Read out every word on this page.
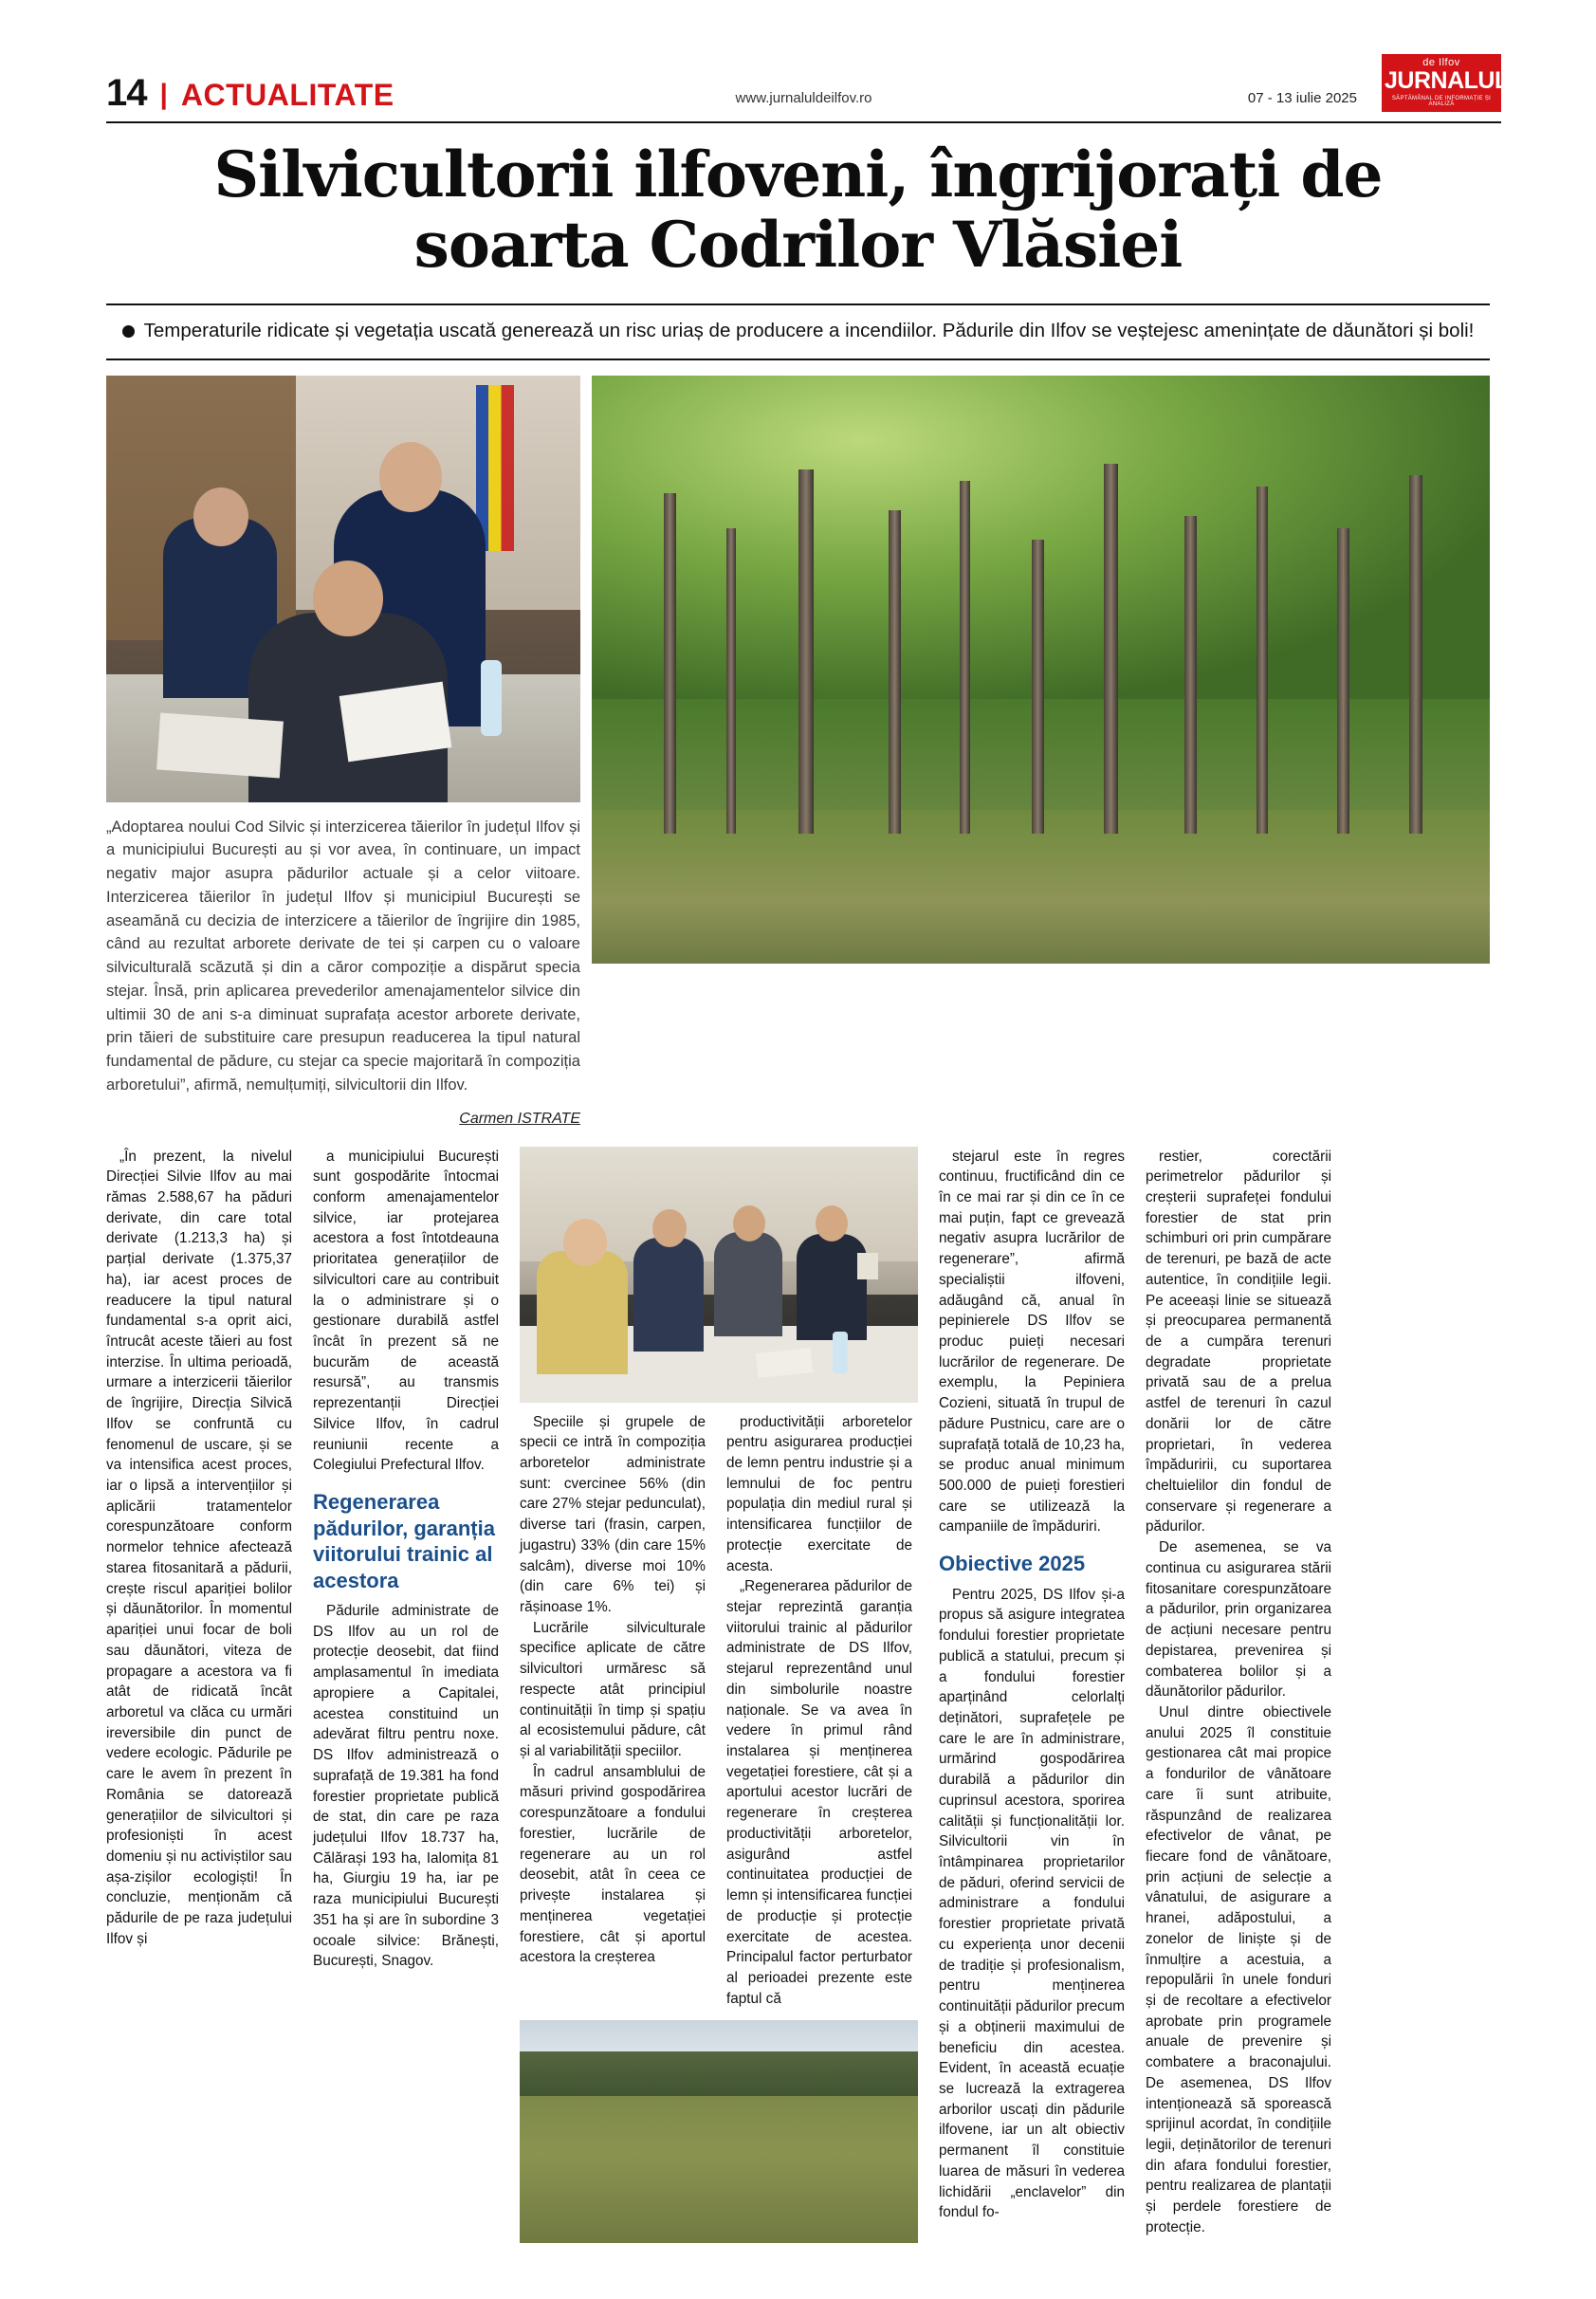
14 | ACTUALITATE	www.jurnaluldeilfov.ro	07 - 13 iulie 2025
de Ilfov
JURNALUL
SĂPTĂMÂNAL DE INFORMAȚIE ȘI ANALIZĂ
Silvicultorii ilfoveni, îngrijorați de soarta Codrilor Vlăsiei
Temperaturile ridicate și vegetația uscată generează un risc uriaș de producere a incendiilor. Pădurile din Ilfov se veștejesc amenințate de dăunători și boli!
„Adoptarea noului Cod Silvic și interzicerea tăierilor în județul Ilfov și a municipiului București au și vor avea, în continuare, un impact negativ major asupra pădurilor actuale și a celor viitoare. Interzicerea tăierilor în județul Ilfov și municipiul București se aseamănă cu decizia de interzicere a tăierilor de îngrijire din 1985, când au rezultat arborete derivate de tei și carpen cu o valoare silviculturală scăzută și din a căror compoziție a dispărut specia stejar. Însă, prin aplicarea prevederilor amenajamentelor silvice din ultimii 30 de ani s-a diminuat suprafața acestor arborete derivate, prin tăieri de substituire care presupun readucerea la tipul natural fundamental de pădure, cu stejar ca specie majoritară în compoziția arboretului”, afirmă, nemulțumiți, silvicultorii din Ilfov.
Carmen ISTRATE

„În prezent, la nivelul Direcției Silvie Ilfov au mai rămas 2.588,67 ha păduri derivate, din care total derivate (1.213,3 ha) și parțial derivate (1.375,37 ha), iar acest proces de readucere la tipul natural fundamental s-a oprit aici, întrucât aceste tăieri au fost interzise. În ultima perioadă, urmare a interzicerii tăierilor de îngrijire, Direcția Silvică Ilfov se confruntă cu fenomenul de uscare, și se va intensifica acest proces, iar o lipsă a intervențiilor și aplicării tratamentelor corespunzătoare conform normelor tehnice afectează starea fitosanitară a pădurii, crește riscul apariției bolilor și dăunătorilor. În momentul apariției unui focar de boli sau dăunători, viteza de propagare a acestora va fi atât de ridicată încât arboretul va clăca cu urmări ireversibile din punct de vedere ecologic. Pădurile pe care le avem în prezent în România se datorează generațiilor de silvicultori și profesioniști în acest domeniu și nu activiștilor sau așa-zișilor ecologiști! În concluzie, menționăm că pădurile de pe raza județului Ilfov și

a municipiului București sunt gospodărite întocmai conform amenajamentelor silvice, iar protejarea acestora a fost întotdeauna prioritatea generațiilor de silvicultori care au contribuit la o administrare și o gestionare durabilă astfel încât în prezent să ne bucurăm de această resursă”, au transmis reprezentanții Direcției Silvice Ilfov, în cadrul reuniunii recente a Colegiului Prefectural Ilfov.

Regenerarea pădurilor, garanția viitorului trainic al acestora

Pădurile administrate de DS Ilfov au un rol de protecție deosebit, dat fiind amplasamentul în imediata apropiere a Capitalei, acestea constituind un adevărat filtru pentru noxe. DS Ilfov administrează o suprafață de 19.381 ha fond forestier proprietate publică de stat, din care pe raza județului Ilfov 18.737 ha, Călărași 193 ha, Ialomița 81 ha, Giurgiu 19 ha, iar pe raza municipiului București 351 ha și are în subordine 3 ocoale silvice: Brănești, București, Snagov.

Speciile și grupele de specii ce intră în compoziția arboretelor administrate sunt: cvercinee 56% (din care 27% stejar pedunculat), diverse tari (frasin, carpen, jugastru) 33% (din care 15% salcâm), diverse moi 10% (din care 6% tei) și rășinoase 1%.

Lucrările silviculturale specifice aplicate de către silvicultori urmăresc să respecte atât principiul continuității în timp și spațiu al ecosistemului pădure, cât și al variabilității speciilor.

În cadrul ansamblului de măsuri privind gospodărirea corespunzătoare a fondului forestier, lucrările de regenerare au un rol deosebit, atât în ceea ce privește instalarea și menținerea vegetației forestiere, cât și aportul acestora la creșterea

productivității arboretelor pentru asigurarea producției de lemn pentru industrie și a lemnului de foc pentru populația din mediul rural și intensificarea funcțiilor de protecție exercitate de acesta.

„Regenerarea pădurilor de stejar reprezintă garanția viitorului trainic al pădurilor administrate de DS Ilfov, stejarul reprezentând unul din simbolurile noastre naționale. Se va avea în vedere în primul rând instalarea și menținerea vegetației forestiere, cât și a aportului acestor lucrări de regenerare în creșterea productivității arboretelor, asigurând astfel continuitatea producției de lemn și intensificarea funcției de producție și protecție exercitate de acestea. Principalul factor perturbator al perioadei prezente este faptul că

stejarul este în regres continuu, fructificând din ce în ce mai rar și din ce în ce mai puțin, fapt ce grevează negativ asupra lucrărilor de regenerare”, afirmă specialiștii ilfoveni, adăugând că, anual în pepinierele DS Ilfov se produc puieți necesari lucrărilor de regenerare. De exemplu, la Pepiniera Cozieni, situată în trupul de pădure Pustnicu, care are o suprafață totală de 10,23 ha, se produc anual minimum 500.000 de puieți forestieri care se utilizează la campaniile de împăduriri.

Obiective 2025

Pentru 2025, DS Ilfov și-a propus să asigure integratea fondului forestier proprietate publică a statului, precum și a fondului forestier aparținând celorlalți deținători, suprafețele pe care le are în administrare, urmărind gospodărirea durabilă a pădurilor din cuprinsul acestora, sporirea calității și funcționalității lor. Silvicultorii vin în întâmpinarea proprietarilor de păduri, oferind servicii de administrare a fondului forestier proprietate privată cu experiența unor decenii de tradiție și profesionalism, pentru menținerea continuității pădurilor precum și a obținerii maximului de beneficiu din acestea. Evident, în această ecuație se lucrează la extragerea arborilor uscați din pădurile ilfovene, iar un alt obiectiv permanent îl constituie luarea de măsuri în vederea lichidării „enclavelor” din fondul fo-

restier, corectării perimetrelor pădurilor și creșterii suprafeței fondului forestier de stat prin schimburi ori prin cumpărare de terenuri, pe bază de acte autentice, în condițiile legii. Pe aceeași linie se situează și preocuparea permanentă de a cumpăra terenuri degradate proprietate privată sau de a prelua astfel de terenuri în cazul donării lor de către proprietari, în vederea împăduririi, cu suportarea cheltuielilor din fondul de conservare și regenerare a pădurilor.

De asemenea, se va continua cu asigurarea stării fitosanitare corespunzătoare a pădurilor, prin organizarea de acțiuni necesare pentru depistarea, prevenirea și combaterea bolilor și a dăunătorilor pădurilor.

Unul dintre obiectivele anului 2025 îl constituie gestionarea cât mai propice a fondurilor de vânătoare care îi sunt atribuite, răspunzând de realizarea efectivelor de vânat, pe fiecare fond de vânătoare, prin acțiuni de selecție a vânatului, de asigurare a hranei, adăpostului, a zonelor de liniște și de înmulțire a acestuia, a repopulării în unele fonduri și de recoltare a efectivelor aprobate prin programele anuale de prevenire și combatere a braconajului. De asemenea, DS Ilfov intenționează să sporească sprijinul acordat, în condițiile legii, deținătorilor de terenuri din afara fondului forestier, pentru realizarea de plantații și perdele forestiere de protecție.
